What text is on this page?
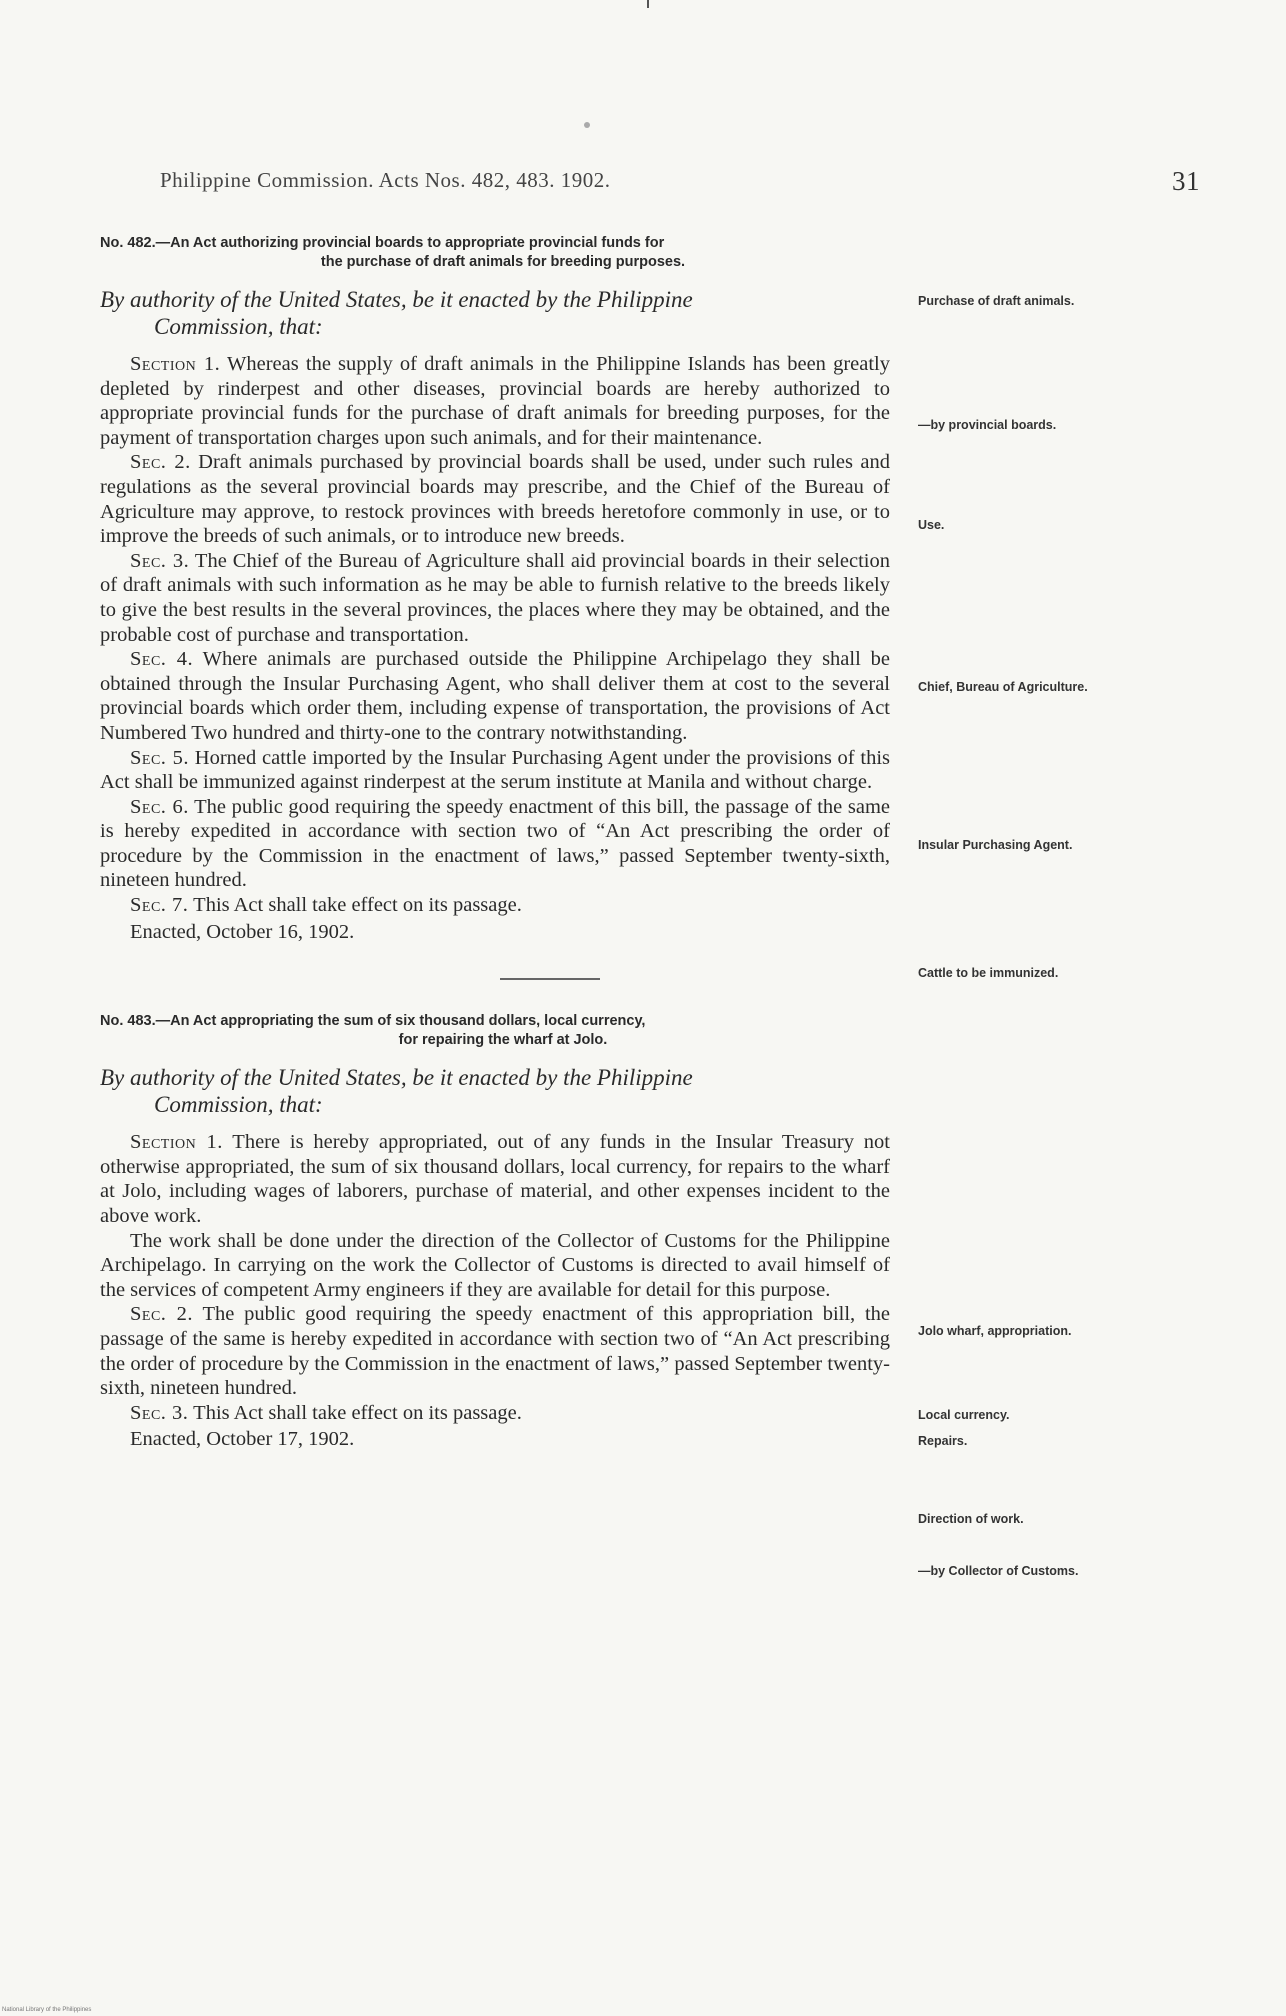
Philippine Commission. Acts Nos. 482, 483. 1902.	31
No. 482.—An Act authorizing provincial boards to appropriate provincial funds for
the purchase of draft animals for breeding purposes.
By authority of the United States, be it enacted by the Philippine
Commission, that:

Section 1. Whereas the supply of draft animals in the Philippine Islands has been greatly depleted by rinderpest and other diseases, provincial boards are hereby authorized to appropriate provincial funds for the purchase of draft animals for breeding purposes, for the payment of transportation charges upon such animals, and for their maintenance.

Sec. 2. Draft animals purchased by provincial boards shall be used, under such rules and regulations as the several provincial boards may prescribe, and the Chief of the Bureau of Agriculture may approve, to restock provinces with breeds heretofore commonly in use, or to improve the breeds of such animals, or to introduce new breeds.

Sec. 3. The Chief of the Bureau of Agriculture shall aid provincial boards in their selection of draft animals with such information as he may be able to furnish relative to the breeds likely to give the best results in the several provinces, the places where they may be obtained, and the probable cost of purchase and transportation.

Sec. 4. Where animals are purchased outside the Philippine Archipelago they shall be obtained through the Insular Purchasing Agent, who shall deliver them at cost to the several provincial boards which order them, including expense of transportation, the provisions of Act Numbered Two hundred and thirty-one to the contrary notwithstanding.

Sec. 5. Horned cattle imported by the Insular Purchasing Agent under the provisions of this Act shall be immunized against rinderpest at the serum institute at Manila and without charge.

Sec. 6. The public good requiring the speedy enactment of this bill, the passage of the same is hereby expedited in accordance with section two of “An Act prescribing the order of procedure by the Commission in the enactment of laws,” passed September twenty-sixth, nineteen hundred.

Sec. 7. This Act shall take effect on its passage.

Enacted, October 16, 1902.
No. 483.—An Act appropriating the sum of six thousand dollars, local currency,
for repairing the wharf at Jolo.
By authority of the United States, be it enacted by the Philippine
Commission, that:

Section 1. There is hereby appropriated, out of any funds in the Insular Treasury not otherwise appropriated, the sum of six thousand dollars, local currency, for repairs to the wharf at Jolo, including wages of laborers, purchase of material, and other expenses incident to the above work.

The work shall be done under the direction of the Collector of Customs for the Philippine Archipelago. In carrying on the work the Collector of Customs is directed to avail himself of the services of competent Army engineers if they are available for detail for this purpose.

Sec. 2. The public good requiring the speedy enactment of this appropriation bill, the passage of the same is hereby expedited in accordance with section two of “An Act prescribing the order of procedure by the Commission in the enactment of laws,” passed September twenty-sixth, nineteen hundred.

Sec. 3. This Act shall take effect on its passage.

Enacted, October 17, 1902.
Purchase of draft animals.
—by provincial boards.
Use.
Chief, Bureau of Agriculture.
Insular Purchasing Agent.
Cattle to be immunized.
Jolo wharf, appropriation.
Local currency.
Repairs.
Direction of work.
—by Collector of Customs.
National Library of the Philippines
